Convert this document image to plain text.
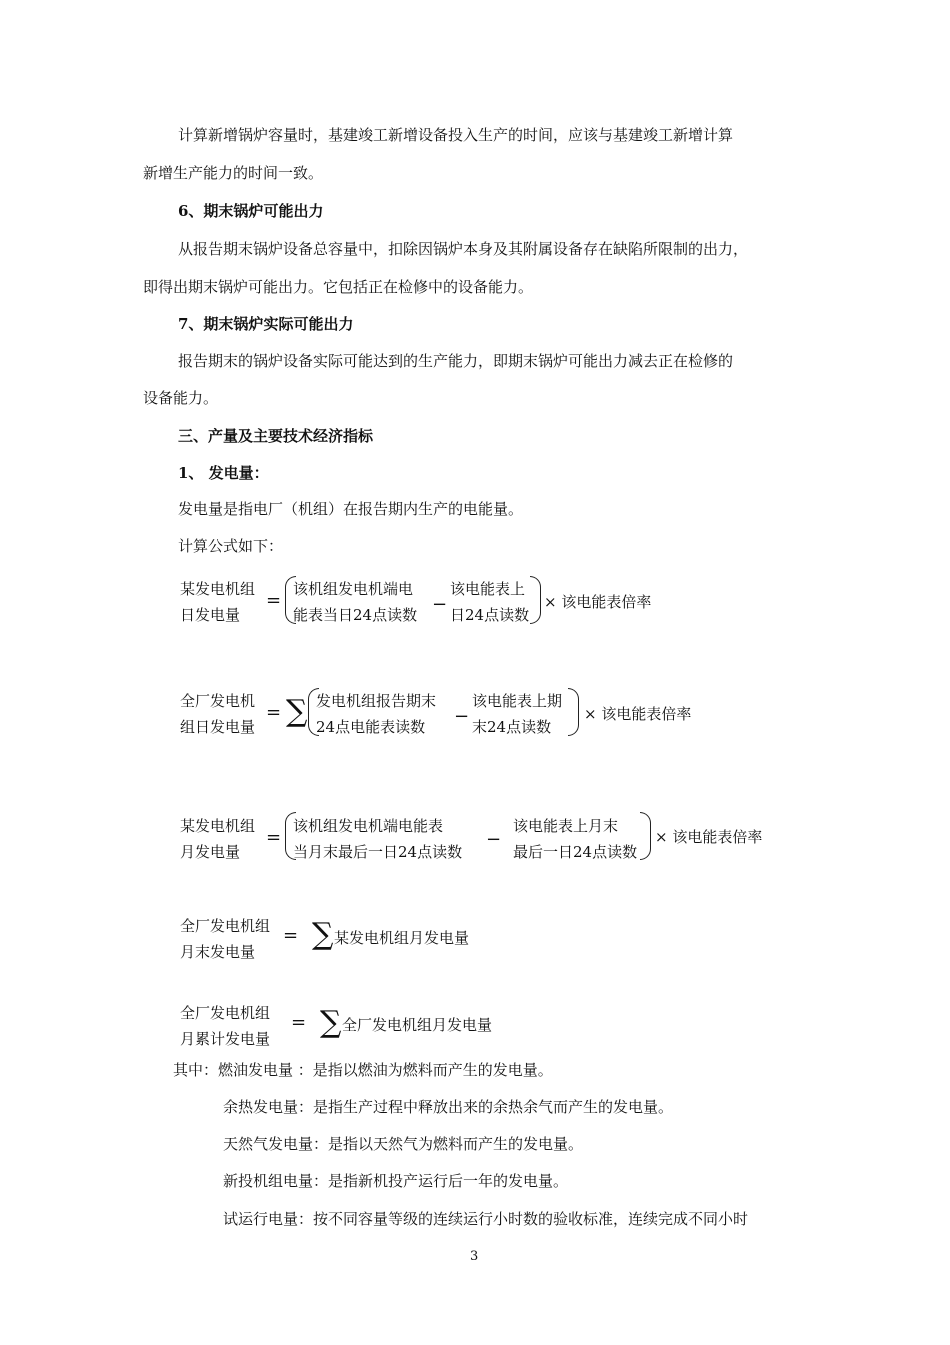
计算新增锅炉容量时，基建竣工新增设备投入生产的时间，应该与基建竣工新增计算
新增生产能力的时间一致。
6、期末锅炉可能出力
从报告期末锅炉设备总容量中，扣除因锅炉本身及其附属设备存在缺陷所限制的出力，
即得出期末锅炉可能出力。它包括正在检修中的设备能力。
7、期末锅炉实际可能出力
报告期末的锅炉设备实际可能达到的生产能力，即期末锅炉可能出力减去正在检修的
设备能力。
三、产量及主要技术经济指标
1、 发电量：
发电量是指电厂（机组）在报告期内生产的电能量。
计算公式如下：
某发电机组
日发电量
=
该机组发电机端电
能表当日24点读数 −
该电能表上
日24点读数
× 该电能表倍率
全厂发电机
组日发电量
= ∑ 发电机组报告期末
24点电能表读数 −
该电能表上期
末24点读数
× 该电能表倍率
某发电机组
月发电量
=
该机组发电机端电能表
当月末最后一日24点读数
−
该电能表上月末
最后一日24点读数
× 该电能表倍率
全厂发电机组
月末发电量
= ∑ 某发电机组月发电量
全厂发电机组
月累计发电量
= ∑ 全厂发电机组月发电量
其中：燃油发电量 ：是指以燃油为燃料而产生的发电量。
余热发电量：是指生产过程中释放出来的余热余气而产生的发电量。
天然气发电量：是指以天然气为燃料而产生的发电量。
新投机组电量：是指新机投产运行后一年的发电量。
试运行电量：按不同容量等级的连续运行小时数的验收标准，连续完成不同小时
3
